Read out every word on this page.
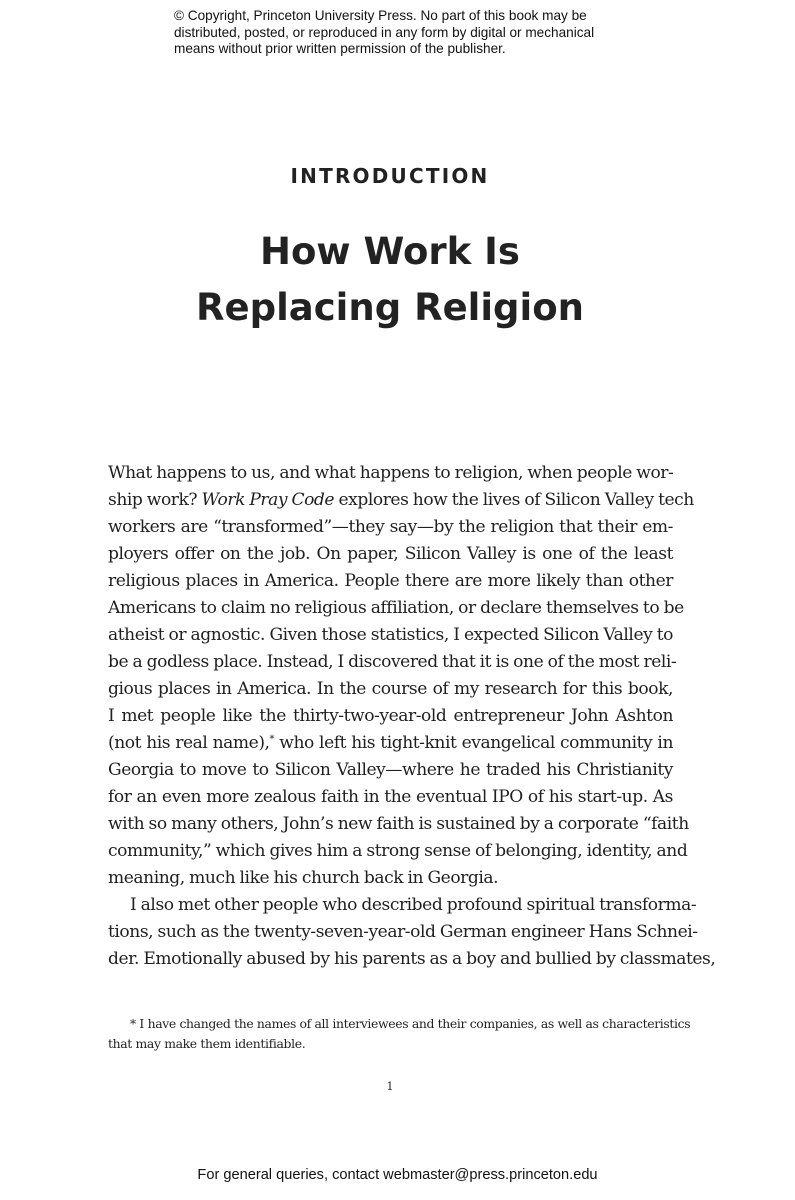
© Copyright, Princeton University Press. No part of this book may be
distributed, posted, or reproduced in any form by digital or mechanical
means without prior written permission of the publisher.
INTRODUCTION
How Work Is
Replacing Religion
What happens to us, and what happens to religion, when people wor-
ship work? Work Pray Code explores how the lives of Silicon Valley tech
workers are “transformed”—they say—by the religion that their em-
ployers offer on the job. On paper, Silicon Valley is one of the least
religious places in America. People there are more likely than other
Americans to claim no religious affiliation, or declare themselves to be
atheist or agnostic. Given those statistics, I expected Silicon Valley to
be a godless place. Instead, I discovered that it is one of the most reli-
gious places in America. In the course of my research for this book,
I met people like the thirty-two-year-old entrepreneur John Ashton
(not his real name),* who left his tight-knit evangelical community in
Georgia to move to Silicon Valley—where he traded his Christianity
for an even more zealous faith in the eventual IPO of his start-up. As
with so many others, John’s new faith is sustained by a corporate “faith
community,” which gives him a strong sense of belonging, identity, and
meaning, much like his church back in Georgia.
I also met other people who described profound spiritual transforma-
tions, such as the twenty-seven-year-old German engineer Hans Schnei-
der. Emotionally abused by his parents as a boy and bullied by classmates,
* I have changed the names of all interviewees and their companies, as well as characteristics
that may make them identifiable.
1
For general queries, contact webmaster@press.princeton.edu
